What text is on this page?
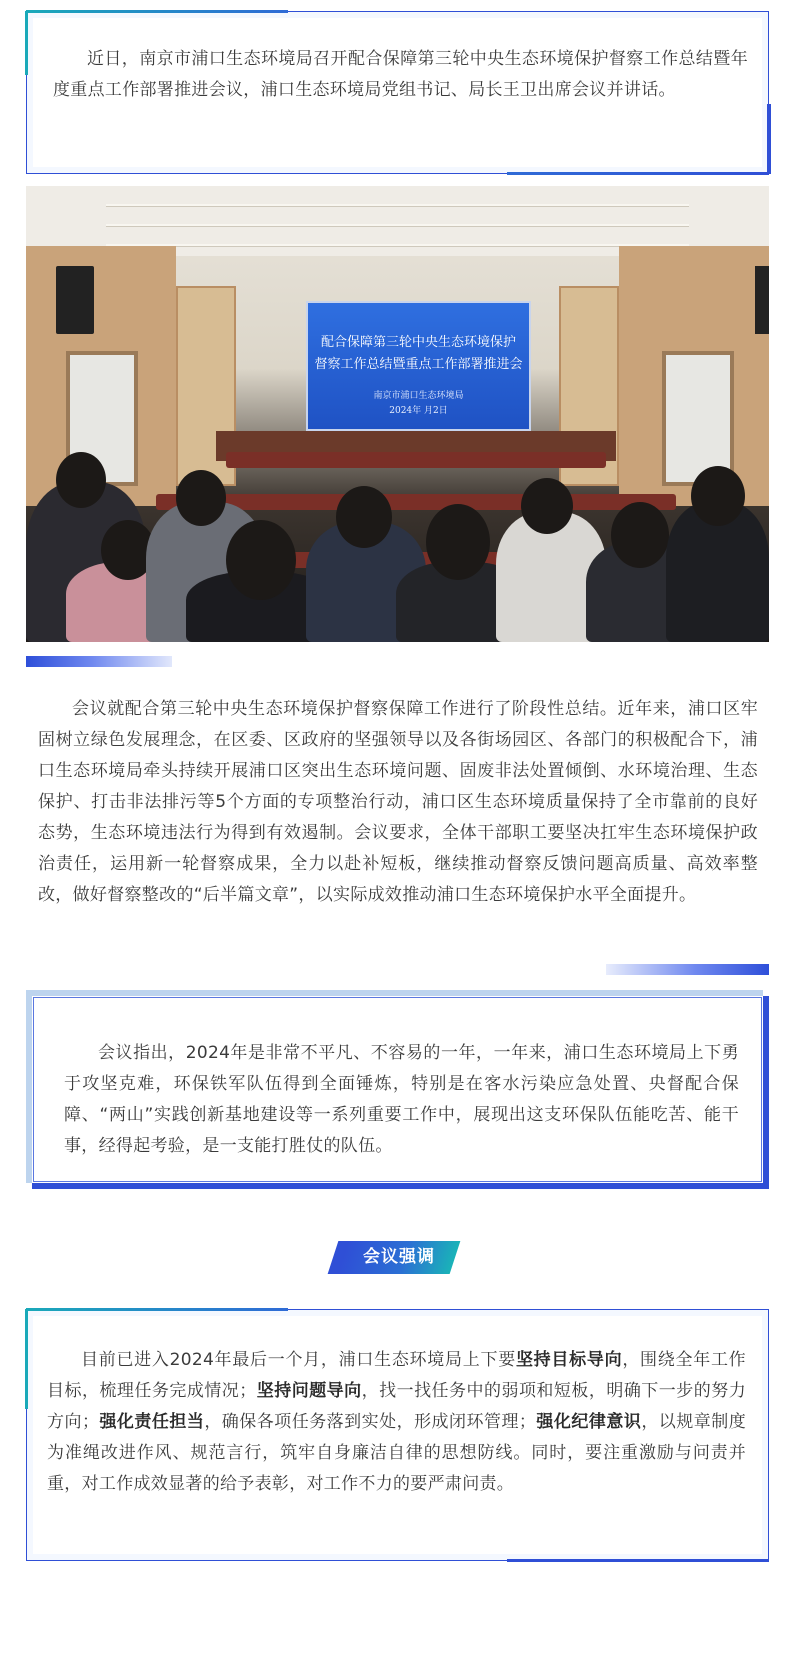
近日，南京市浦口生态环境局召开配合保障第三轮中央生态环境保护督察工作总结暨年度重点工作部署推进会议，浦口生态环境局党组书记、局长王卫出席会议并讲话。

配合保障第三轮中央生态环境保护
督察工作总结暨重点工作部署推进会
南京市浦口生态环境局
2024年 月2日

会议就配合第三轮中央生态环境保护督察保障工作进行了阶段性总结。近年来，浦口区牢固树立绿色发展理念，在区委、区政府的坚强领导以及各街场园区、各部门的积极配合下，浦口生态环境局牵头持续开展浦口区突出生态环境问题、固废非法处置倾倒、水环境治理、生态保护、打击非法排污等5个方面的专项整治行动，浦口区生态环境质量保持了全市靠前的良好态势，生态环境违法行为得到有效遏制。会议要求，全体干部职工要坚决扛牢生态环境保护政治责任，运用新一轮督察成果，全力以赴补短板，继续推动督察反馈问题高质量、高效率整改，做好督察整改的“后半篇文章”，以实际成效推动浦口生态环境保护水平全面提升。

会议指出，2024年是非常不平凡、不容易的一年，一年来，浦口生态环境局上下勇于攻坚克难，环保铁军队伍得到全面锤炼，特别是在客水污染应急处置、央督配合保障、“两山”实践创新基地建设等一系列重要工作中，展现出这支环保队伍能吃苦、能干事，经得起考验，是一支能打胜仗的队伍。

会议强调

目前已进入2024年最后一个月，浦口生态环境局上下要坚持目标导向，围绕全年工作目标，梳理任务完成情况；坚持问题导向，找一找任务中的弱项和短板，明确下一步的努力方向；强化责任担当，确保各项任务落到实处，形成闭环管理；强化纪律意识，以规章制度为准绳改进作风、规范言行，筑牢自身廉洁自律的思想防线。同时，要注重激励与问责并重，对工作成效显著的给予表彰，对工作不力的要严肃问责。
